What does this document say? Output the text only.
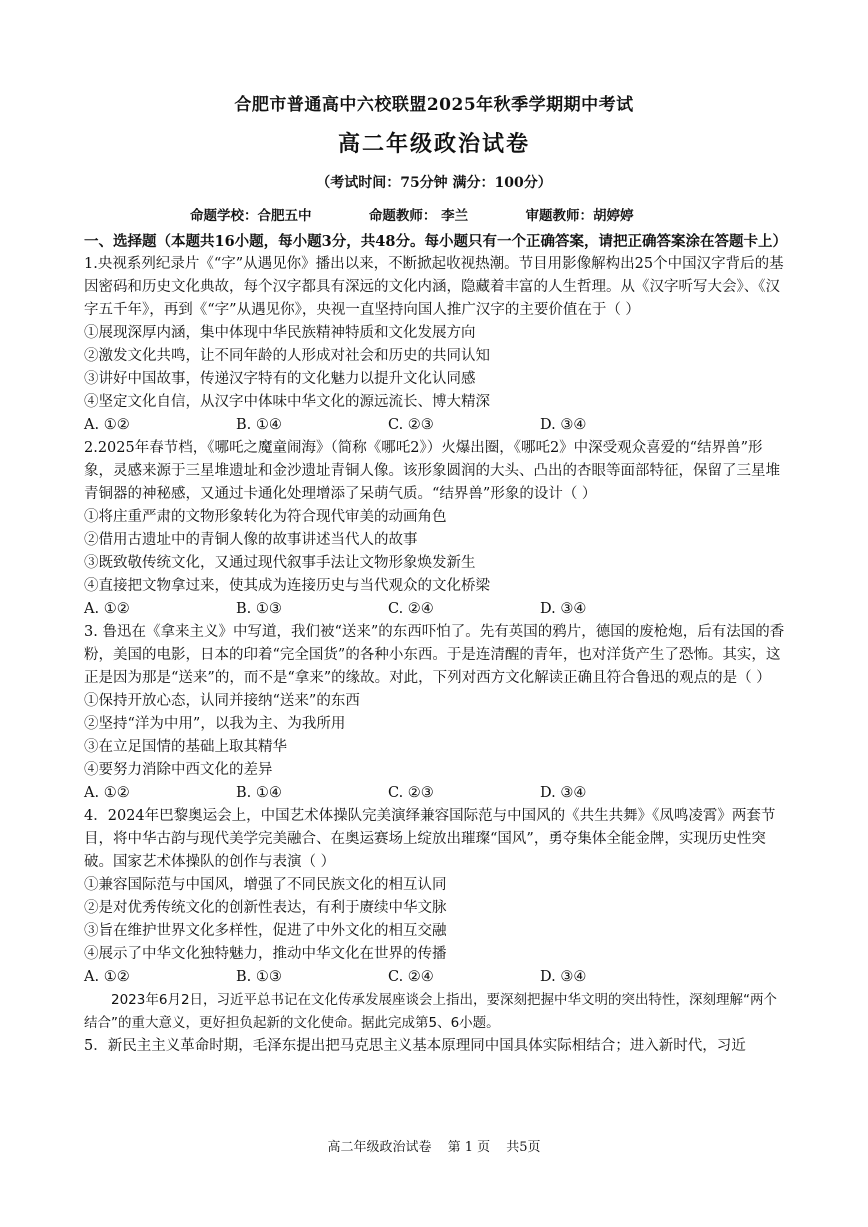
合肥市普通高中六校联盟2025年秋季学期期中考试
高二年级政治试卷
（考试时间：75分钟 满分：100分）
命题学校：合肥五中	命题教师： 李兰	审题教师：胡婷婷

一、选择题（本题共16小题，每小题3分，共48分。每小题只有一个正确答案，请把正确答案涂在答题卡上）

1.央视系列纪录片《“字”从遇见你》播出以来，不断掀起收视热潮。节目用影像解构出25个中国汉字背后的基因密码和历史文化典故，每个汉字都具有深远的文化内涵，隐藏着丰富的人生哲理。从《汉字听写大会》、《汉字五千年》，再到《“字”从遇见你》，央视一直坚持向国人推广汉字的主要价值在于（ ）

①展现深厚内涵，集中体现中华民族精神特质和文化发展方向

②激发文化共鸣，让不同年龄的人形成对社会和历史的共同认知

③讲好中国故事，传递汉字特有的文化魅力以提升文化认同感

④坚定文化自信，从汉字中体味中华文化的源远流长、博大精深

A. ①②	B. ①④	C. ②③	D. ③④

2.2025年春节档，《哪吒之魔童闹海》（简称《哪吒2》）火爆出圈，《哪吒2》中深受观众喜爱的“结界兽”形象，灵感来源于三星堆遗址和金沙遗址青铜人像。该形象圆润的大头、凸出的杏眼等面部特征，保留了三星堆青铜器的神秘感，又通过卡通化处理增添了呆萌气质。“结界兽”形象的设计（ ）

①将庄重严肃的文物形象转化为符合现代审美的动画角色

②借用古遗址中的青铜人像的故事讲述当代人的故事

③既致敬传统文化，又通过现代叙事手法让文物形象焕发新生

④直接把文物拿过来，使其成为连接历史与当代观众的文化桥梁

A. ①②	B. ①③	C. ②④	D. ③④

3. 鲁迅在《拿来主义》中写道，我们被“送来”的东西吓怕了。先有英国的鸦片，德国的废枪炮，后有法国的香粉，美国的电影，日本的印着“完全国货”的各种小东西。于是连清醒的青年，也对洋货产生了恐怖。其实，这正是因为那是“送来”的，而不是“拿来”的缘故。对此，下列对西方文化解读正确且符合鲁迅的观点的是（ ）

①保持开放心态，认同并接纳“送来”的东西

②坚持“洋为中用”，以我为主、为我所用

③在立足国情的基础上取其精华

④要努力消除中西文化的差异

A. ①②	B. ①④	C. ②③	D. ③④

4．2024年巴黎奥运会上，中国艺术体操队完美演绎兼容国际范与中国风的《共生共舞》《凤鸣凌霄》两套节目，将中华古韵与现代美学完美融合、在奥运赛场上绽放出璀璨“国风”，勇夺集体全能金牌，实现历史性突破。国家艺术体操队的创作与表演（ ）

①兼容国际范与中国风，增强了不同民族文化的相互认同

②是对优秀传统文化的创新性表达，有利于赓续中华文脉

③旨在维护世界文化多样性，促进了中外文化的相互交融

④展示了中华文化独特魅力，推动中华文化在世界的传播

A. ①②	B. ①③	C. ②④	D. ③④

2023年6月2日，习近平总书记在文化传承发展座谈会上指出，要深刻把握中华文明的突出特性，深刻理解“两个结合”的重大意义，更好担负起新的文化使命。据此完成第5、6小题。

5．新民主主义革命时期，毛泽东提出把马克思主义基本原理同中国具体实际相结合；进入新时代，习近

高二年级政治试卷 第 1 页 共5页
